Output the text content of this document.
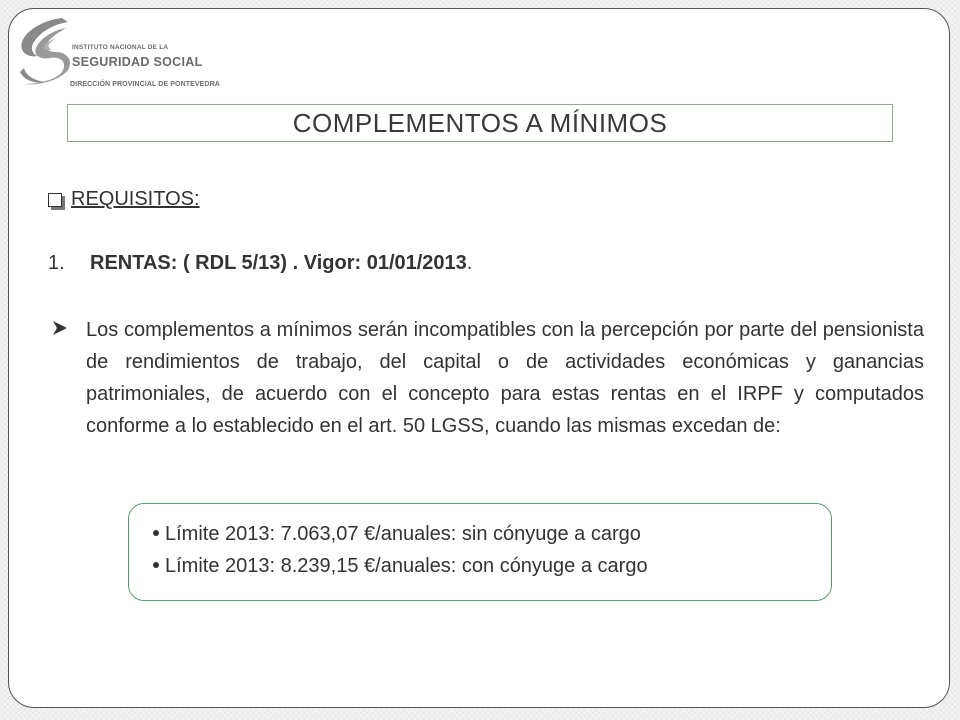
INSTITUTO NACIONAL DE LA
SEGURIDAD SOCIAL
DIRECCIÓN PROVINCIAL DE PONTEVEDRA
COMPLEMENTOS A MÍNIMOS
REQUISITOS:
1.	RENTAS: ( RDL 5/13) . Vigor: 01/01/2013 .

Los complementos a mínimos serán incompatibles con la percepción por parte del pensionista de rendimientos de trabajo, del capital o de actividades económicas y ganancias patrimoniales, de acuerdo con el concepto para estas rentas en el IRPF y computados conforme a lo establecido en el art. 50 LGSS, cuando las mismas excedan de:

Límite 2013: 7.063,07 €/anuales: sin cónyuge a cargo
Límite 2013: 8.239,15 €/anuales: con cónyuge a cargo
